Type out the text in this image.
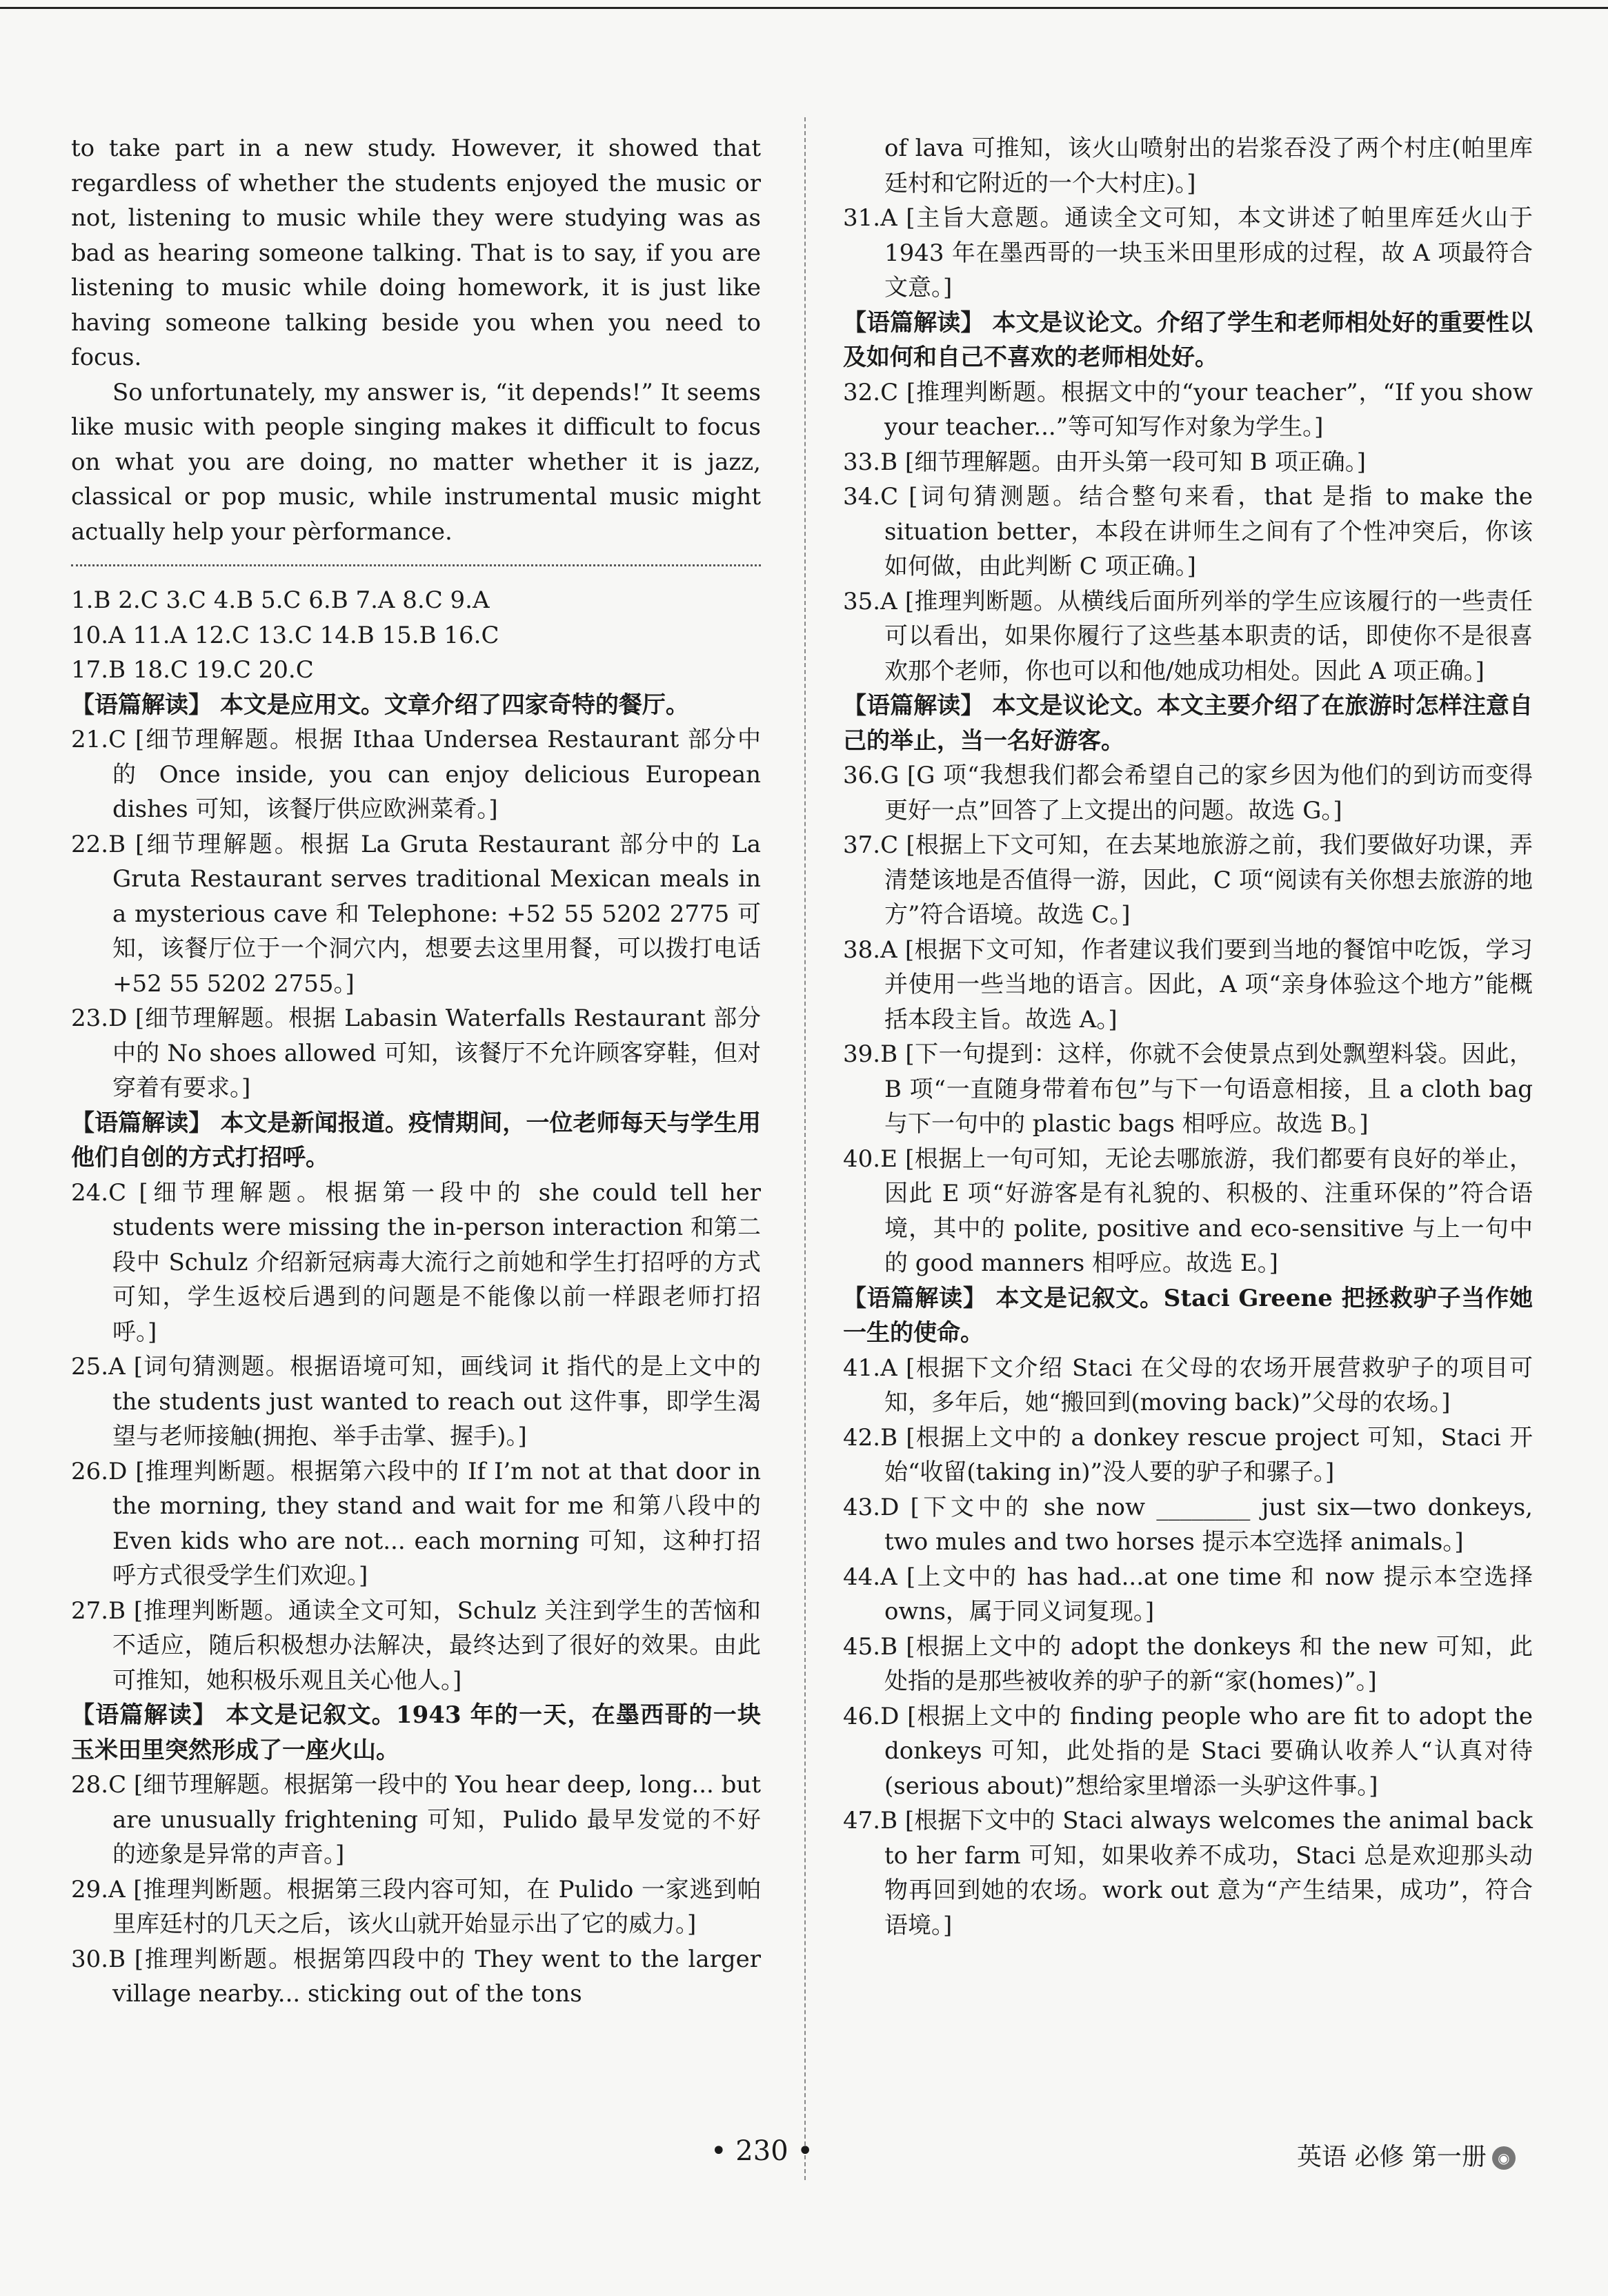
to take part in a new study. However, it showed that regardless of whether the students enjoyed the music or not, listening to music while they were studying was as bad as hearing someone talking. That is to say, if you are listening to music while doing homework, it is just like having someone talking beside you when you need to focus.

So unfortunately, my answer is, “it depends!” It seems like music with people singing makes it difficult to focus on what you are doing, no matter whether it is jazz, classical or pop music, while instrumental music might actually help your pèrformance.

1.B 2.C 3.C 4.B 5.C 6.B 7.A 8.C 9.A

10.A 11.A 12.C 13.C 14.B 15.B 16.C

17.B 18.C 19.C 20.C

【语篇解读】 本文是应用文。文章介绍了四家奇特的餐厅。

21.C [细节理解题。根据 Ithaa Undersea Restaurant 部分中的 Once inside, you can enjoy delicious European dishes 可知，该餐厅供应欧洲菜肴。]

22.B [细节理解题。根据 La Gruta Restaurant 部分中的 La Gruta Restaurant serves traditional Mexican meals in a mysterious cave 和 Telephone: +52 55 5202 2775 可知，该餐厅位于一个洞穴内，想要去这里用餐，可以拨打电话+52 55 5202 2755。]

23.D [细节理解题。根据 Labasin Waterfalls Restaurant 部分中的 No shoes allowed 可知，该餐厅不允许顾客穿鞋，但对穿着有要求。]

【语篇解读】 本文是新闻报道。疫情期间，一位老师每天与学生用他们自创的方式打招呼。

24.C [细节理解题。根据第一段中的 she could tell her students were missing the in-person interaction 和第二段中 Schulz 介绍新冠病毒大流行之前她和学生打招呼的方式可知，学生返校后遇到的问题是不能像以前一样跟老师打招呼。]

25.A [词句猜测题。根据语境可知，画线词 it 指代的是上文中的 the students just wanted to reach out 这件事，即学生渴望与老师接触(拥抱、举手击掌、握手)。]

26.D [推理判断题。根据第六段中的 If I’m not at that door in the morning, they stand and wait for me 和第八段中的 Even kids who are not... each morning 可知，这种打招呼方式很受学生们欢迎。]

27.B [推理判断题。通读全文可知，Schulz 关注到学生的苦恼和不适应，随后积极想办法解决，最终达到了很好的效果。由此可推知，她积极乐观且关心他人。]

【语篇解读】 本文是记叙文。1943 年的一天，在墨西哥的一块玉米田里突然形成了一座火山。

28.C [细节理解题。根据第一段中的 You hear deep, long... but are unusually frightening 可知，Pulido 最早发觉的不好的迹象是异常的声音。]

29.A [推理判断题。根据第三段内容可知，在 Pulido 一家逃到帕里库廷村的几天之后，该火山就开始显示出了它的威力。]

30.B [推理判断题。根据第四段中的 They went to the larger village nearby... sticking out of the tons

of lava 可推知，该火山喷射出的岩浆吞没了两个村庄(帕里库廷村和它附近的一个大村庄)。]

31.A [主旨大意题。通读全文可知，本文讲述了帕里库廷火山于 1943 年在墨西哥的一块玉米田里形成的过程，故 A 项最符合文意。]

【语篇解读】 本文是议论文。介绍了学生和老师相处好的重要性以及如何和自己不喜欢的老师相处好。

32.C [推理判断题。根据文中的“your teacher”，“If you show your teacher...”等可知写作对象为学生。]

33.B [细节理解题。由开头第一段可知 B 项正确。]

34.C [词句猜测题。结合整句来看，that 是指 to make the situation better，本段在讲师生之间有了个性冲突后，你该如何做，由此判断 C 项正确。]

35.A [推理判断题。从横线后面所列举的学生应该履行的一些责任可以看出，如果你履行了这些基本职责的话，即使你不是很喜欢那个老师，你也可以和他/她成功相处。因此 A 项正确。]

【语篇解读】 本文是议论文。本文主要介绍了在旅游时怎样注意自己的举止，当一名好游客。

36.G [G 项“我想我们都会希望自己的家乡因为他们的到访而变得更好一点”回答了上文提出的问题。故选 G。]

37.C [根据上下文可知，在去某地旅游之前，我们要做好功课，弄清楚该地是否值得一游，因此，C 项“阅读有关你想去旅游的地方”符合语境。故选 C。]

38.A [根据下文可知，作者建议我们要到当地的餐馆中吃饭，学习并使用一些当地的语言。因此，A 项“亲身体验这个地方”能概括本段主旨。故选 A。]

39.B [下一句提到：这样，你就不会使景点到处飘塑料袋。因此，B 项“一直随身带着布包”与下一句语意相接，且 a cloth bag 与下一句中的 plastic bags 相呼应。故选 B。]

40.E [根据上一句可知，无论去哪旅游，我们都要有良好的举止，因此 E 项“好游客是有礼貌的、积极的、注重环保的”符合语境，其中的 polite, positive and eco-sensitive 与上一句中的 good manners 相呼应。故选 E。]

【语篇解读】 本文是记叙文。Staci Greene 把拯救驴子当作她一生的使命。

41.A [根据下文介绍 Staci 在父母的农场开展营救驴子的项目可知，多年后，她“搬回到(moving back)”父母的农场。]

42.B [根据上文中的 a donkey rescue project 可知，Staci 开始“收留(taking in)”没人要的驴子和骡子。]

43.D [下文中的 she now ________ just six—two donkeys, two mules and two horses 提示本空选择 animals。]

44.A [上文中的 has had...at one time 和 now 提示本空选择 owns，属于同义词复现。]

45.B [根据上文中的 adopt the donkeys 和 the new 可知，此处指的是那些被收养的驴子的新“家(homes)”。]

46.D [根据上文中的 finding people who are fit to adopt the donkeys 可知，此处指的是 Staci 要确认收养人“认真对待(serious about)”想给家里增添一头驴这件事。]

47.B [根据下文中的 Staci always welcomes the animal back to her farm 可知，如果收养不成功，Staci 总是欢迎那头动物再回到她的农场。work out 意为“产生结果，成功”，符合语境。]

• 230 •	英语 必修 第一册 ◉
